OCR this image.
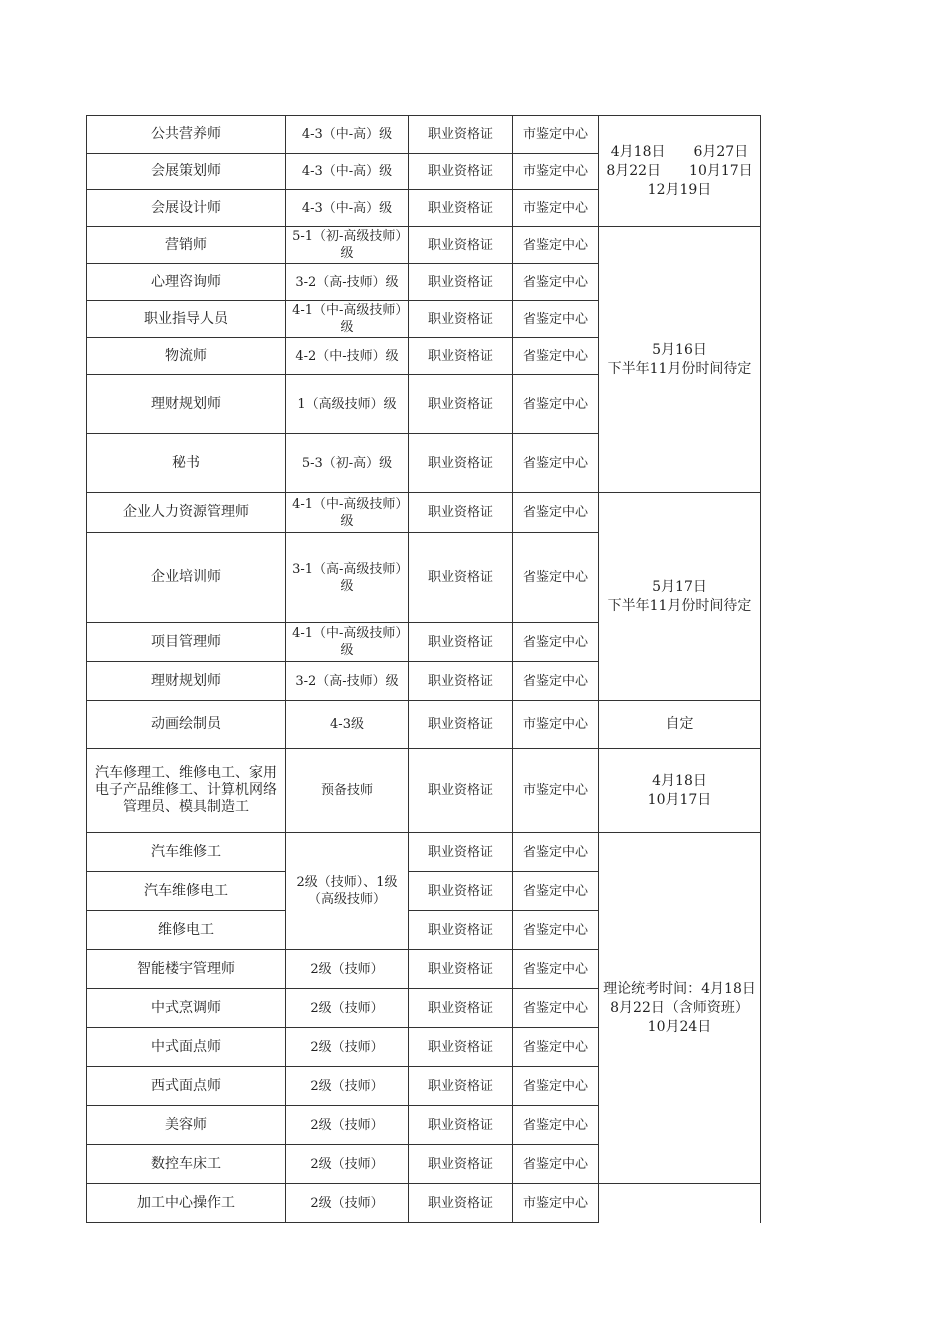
公共营养师	4-3（中-高）级	职业资格证	市鉴定中心	4月18日　　6月27日
8月22日　　10月17日
12月19日
会展策划师	4-3（中-高）级	职业资格证	市鉴定中心	
会展设计师	4-3（中-高）级	职业资格证	市鉴定中心	
营销师	5-1（初-高级技师）级	职业资格证	省鉴定中心	5月16日
下半年11月份时间待定
心理咨询师	3-2（高-技师）级	职业资格证	省鉴定中心	
职业指导人员	4-1（中-高级技师）级	职业资格证	省鉴定中心	
物流师	4-2（中-技师）级	职业资格证	省鉴定中心	
理财规划师	1（高级技师）级	职业资格证	省鉴定中心	
秘书	5-3（初-高）级	职业资格证	省鉴定中心	
企业人力资源管理师	4-1（中-高级技师）级	职业资格证	省鉴定中心	5月17日
下半年11月份时间待定
企业培训师	3-1（高-高级技师）级	职业资格证	省鉴定中心	
项目管理师	4-1（中-高级技师）级	职业资格证	省鉴定中心	
理财规划师	3-2（高-技师）级	职业资格证	省鉴定中心	
动画绘制员	4-3级	职业资格证	市鉴定中心	自定
汽车修理工、维修电工、家用电子产品维修工、计算机网络管理员、模具制造工	预备技师	职业资格证	市鉴定中心	4月18日
10月17日
汽车维修工	2级（技师）、1级（高级技师）	职业资格证	省鉴定中心	理论统考时间：4月18日
8月22日（含师资班）
10月24日
汽车维修电工		职业资格证	省鉴定中心	
维修电工		职业资格证	省鉴定中心	
智能楼宇管理师	2级（技师）	职业资格证	省鉴定中心	
中式烹调师	2级（技师）	职业资格证	省鉴定中心	
中式面点师	2级（技师）	职业资格证	省鉴定中心	
西式面点师	2级（技师）	职业资格证	省鉴定中心	
美容师	2级（技师）	职业资格证	省鉴定中心	
数控车床工	2级（技师）	职业资格证	省鉴定中心	
加工中心操作工	2级（技师）	职业资格证	市鉴定中心	
